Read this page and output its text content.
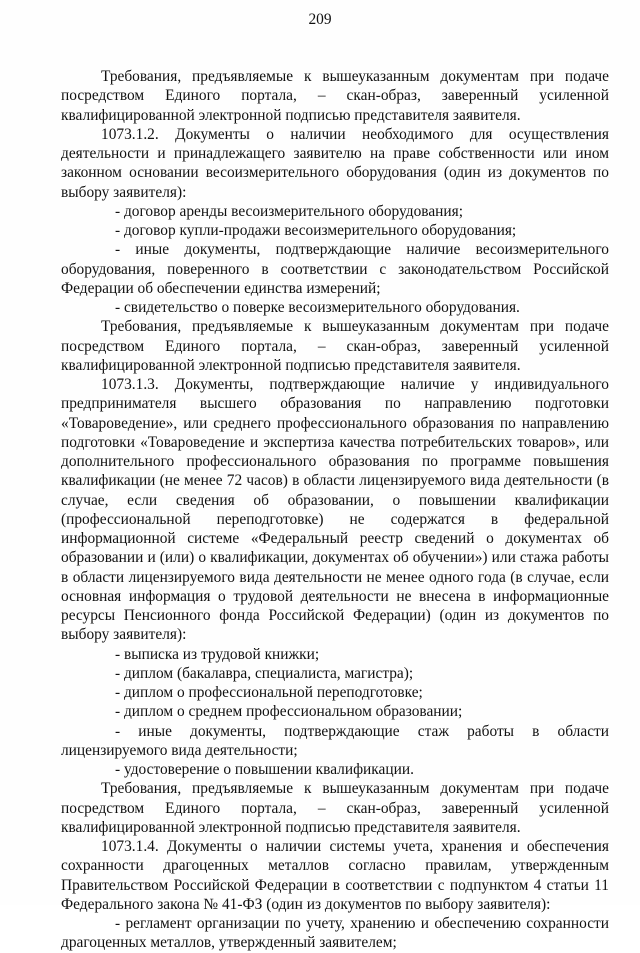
209

Требования, предъявляемые к вышеуказанным документам при подаче посредством Единого портала, – скан-образ, заверенный усиленной квалифицированной электронной подписью представителя заявителя.

1073.1.2. Документы о наличии необходимого для осуществления деятельности и принадлежащего заявителю на праве собственности или ином законном основании весоизмерительного оборудования (один из документов по выбору заявителя):

- договор аренды весоизмерительного оборудования;

- договор купли-продажи весоизмерительного оборудования;

- иные документы, подтверждающие наличие весоизмерительного оборудования, поверенного в соответствии с законодательством Российской Федерации об обеспечении единства измерений;

- свидетельство о поверке весоизмерительного оборудования.

Требования, предъявляемые к вышеуказанным документам при подаче посредством Единого портала, – скан-образ, заверенный усиленной квалифицированной электронной подписью представителя заявителя.

1073.1.3. Документы, подтверждающие наличие у индивидуального предпринимателя высшего образования по направлению подготовки «Товароведение», или среднего профессионального образования по направлению подготовки «Товароведение и экспертиза качества потребительских товаров», или дополнительного профессионального образования по программе повышения квалификации (не менее 72 часов) в области лицензируемого вида деятельности (в случае, если сведения об образовании, о повышении квалификации (профессиональной переподготовке) не содержатся в федеральной информационной системе «Федеральный реестр сведений о документах об образовании и (или) о квалификации, документах об обучении») или стажа работы в области лицензируемого вида деятельности не менее одного года (в случае, если основная информация о трудовой деятельности не внесена в информационные ресурсы Пенсионного фонда Российской Федерации) (один из документов по выбору заявителя):

- выписка из трудовой книжки;

- диплом (бакалавра, специалиста, магистра);

- диплом о профессиональной переподготовке;

- диплом о среднем профессиональном образовании;

- иные документы, подтверждающие стаж работы в области лицензируемого вида деятельности;

- удостоверение о повышении квалификации.

Требования, предъявляемые к вышеуказанным документам при подаче посредством Единого портала, – скан-образ, заверенный усиленной квалифицированной электронной подписью представителя заявителя.

1073.1.4. Документы о наличии системы учета, хранения и обеспечения сохранности драгоценных металлов согласно правилам, утвержденным Правительством Российской Федерации в соответствии с подпунктом 4 статьи 11 Федерального закона № 41-ФЗ (один из документов по выбору заявителя):

- регламент организации по учету, хранению и обеспечению сохранности драгоценных металлов, утвержденный заявителем;
